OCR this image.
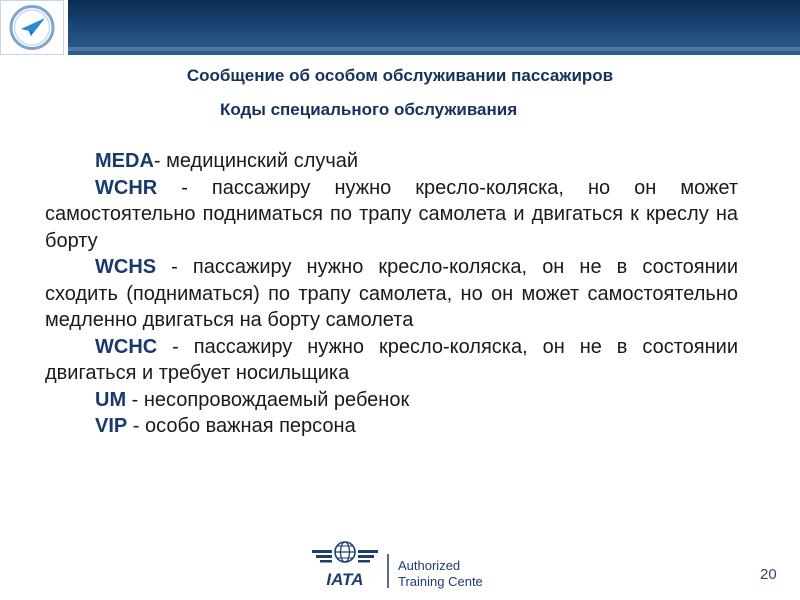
Сообщение об особом обслуживании пассажиров
Коды специального обслуживания

MEDA- медицинский случай

WCHR - пассажиру нужно кресло-коляска, но он может самостоятельно подниматься по трапу самолета и двигаться к креслу на борту

WCHS - пассажиру нужно кресло-коляска, он не в состоянии сходить (подниматься) по трапу самолета, но он может самостоятельно медленно двигаться на борту самолета

WCHC - пассажиру нужно кресло-коляска, он не в состоянии двигаться и требует носильщика

UM - несопровождаемый ребенок

VIP - особо важная персона

IATA
Authorized
Training Center	20
